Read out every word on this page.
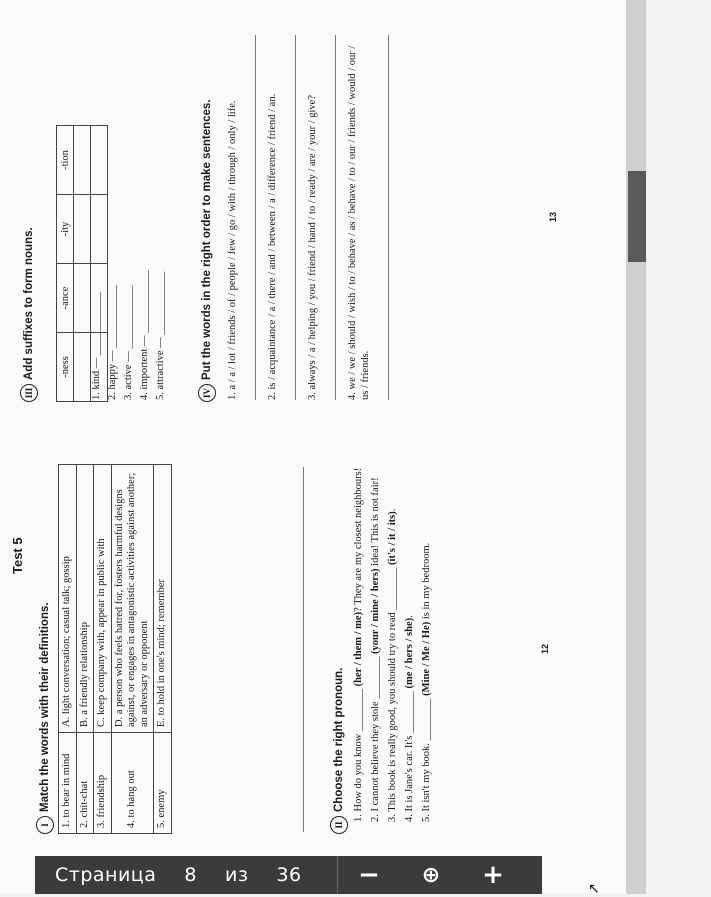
Test 5
I
Match the words with their definitions. 1. to bear in mind	A. light conversation; casual talk; gossip
2. chit-chat	B. a friendly relationship
3. friendship	C. keep company with, appear in public with
4. to hang out	D. a person who feels hatred for, fosters harmful designs against, or engages in antagonistic activities against another; an adversary or opponent
5. enemy	E. to hold in one's mind; remember
II
Choose the right pronoun. 1. How do you know ________ (her / them / me)? They are my closest neighbours!
2. I cannot believe they stole ________ (your / mine / hers) idea! This is not fair!
3. This book is really good, you should try to read ________ (it's / it / its).
4. It is Jane's car. It's ________ (me / hers / she).
5. It isn't my book. ________ (Mine / Me / He) is in my bedroom.
12
III
Add suffixes to form nouns. -ness	-ance	-ity	-tion

1. kind — ____________
2. happy — ____________
3. active — ____________
4. importent — ____________
5. attractive — ____________
IV
Put the words in the right order to make sentences. 1. a / a / lot / friends / of / people / few / go / with / through / only / life.	2. is / acquaintance / a / there / and / between / a / difference / friend / an.	3. always / a / helping / you / friend / hand / to / ready / are / your / give?	4. we / we / should / wish / to / behave / as / behave / to / our / friends / would / our / us / friends.
13
Страница 8 из 36	−	⊕	+	↖
